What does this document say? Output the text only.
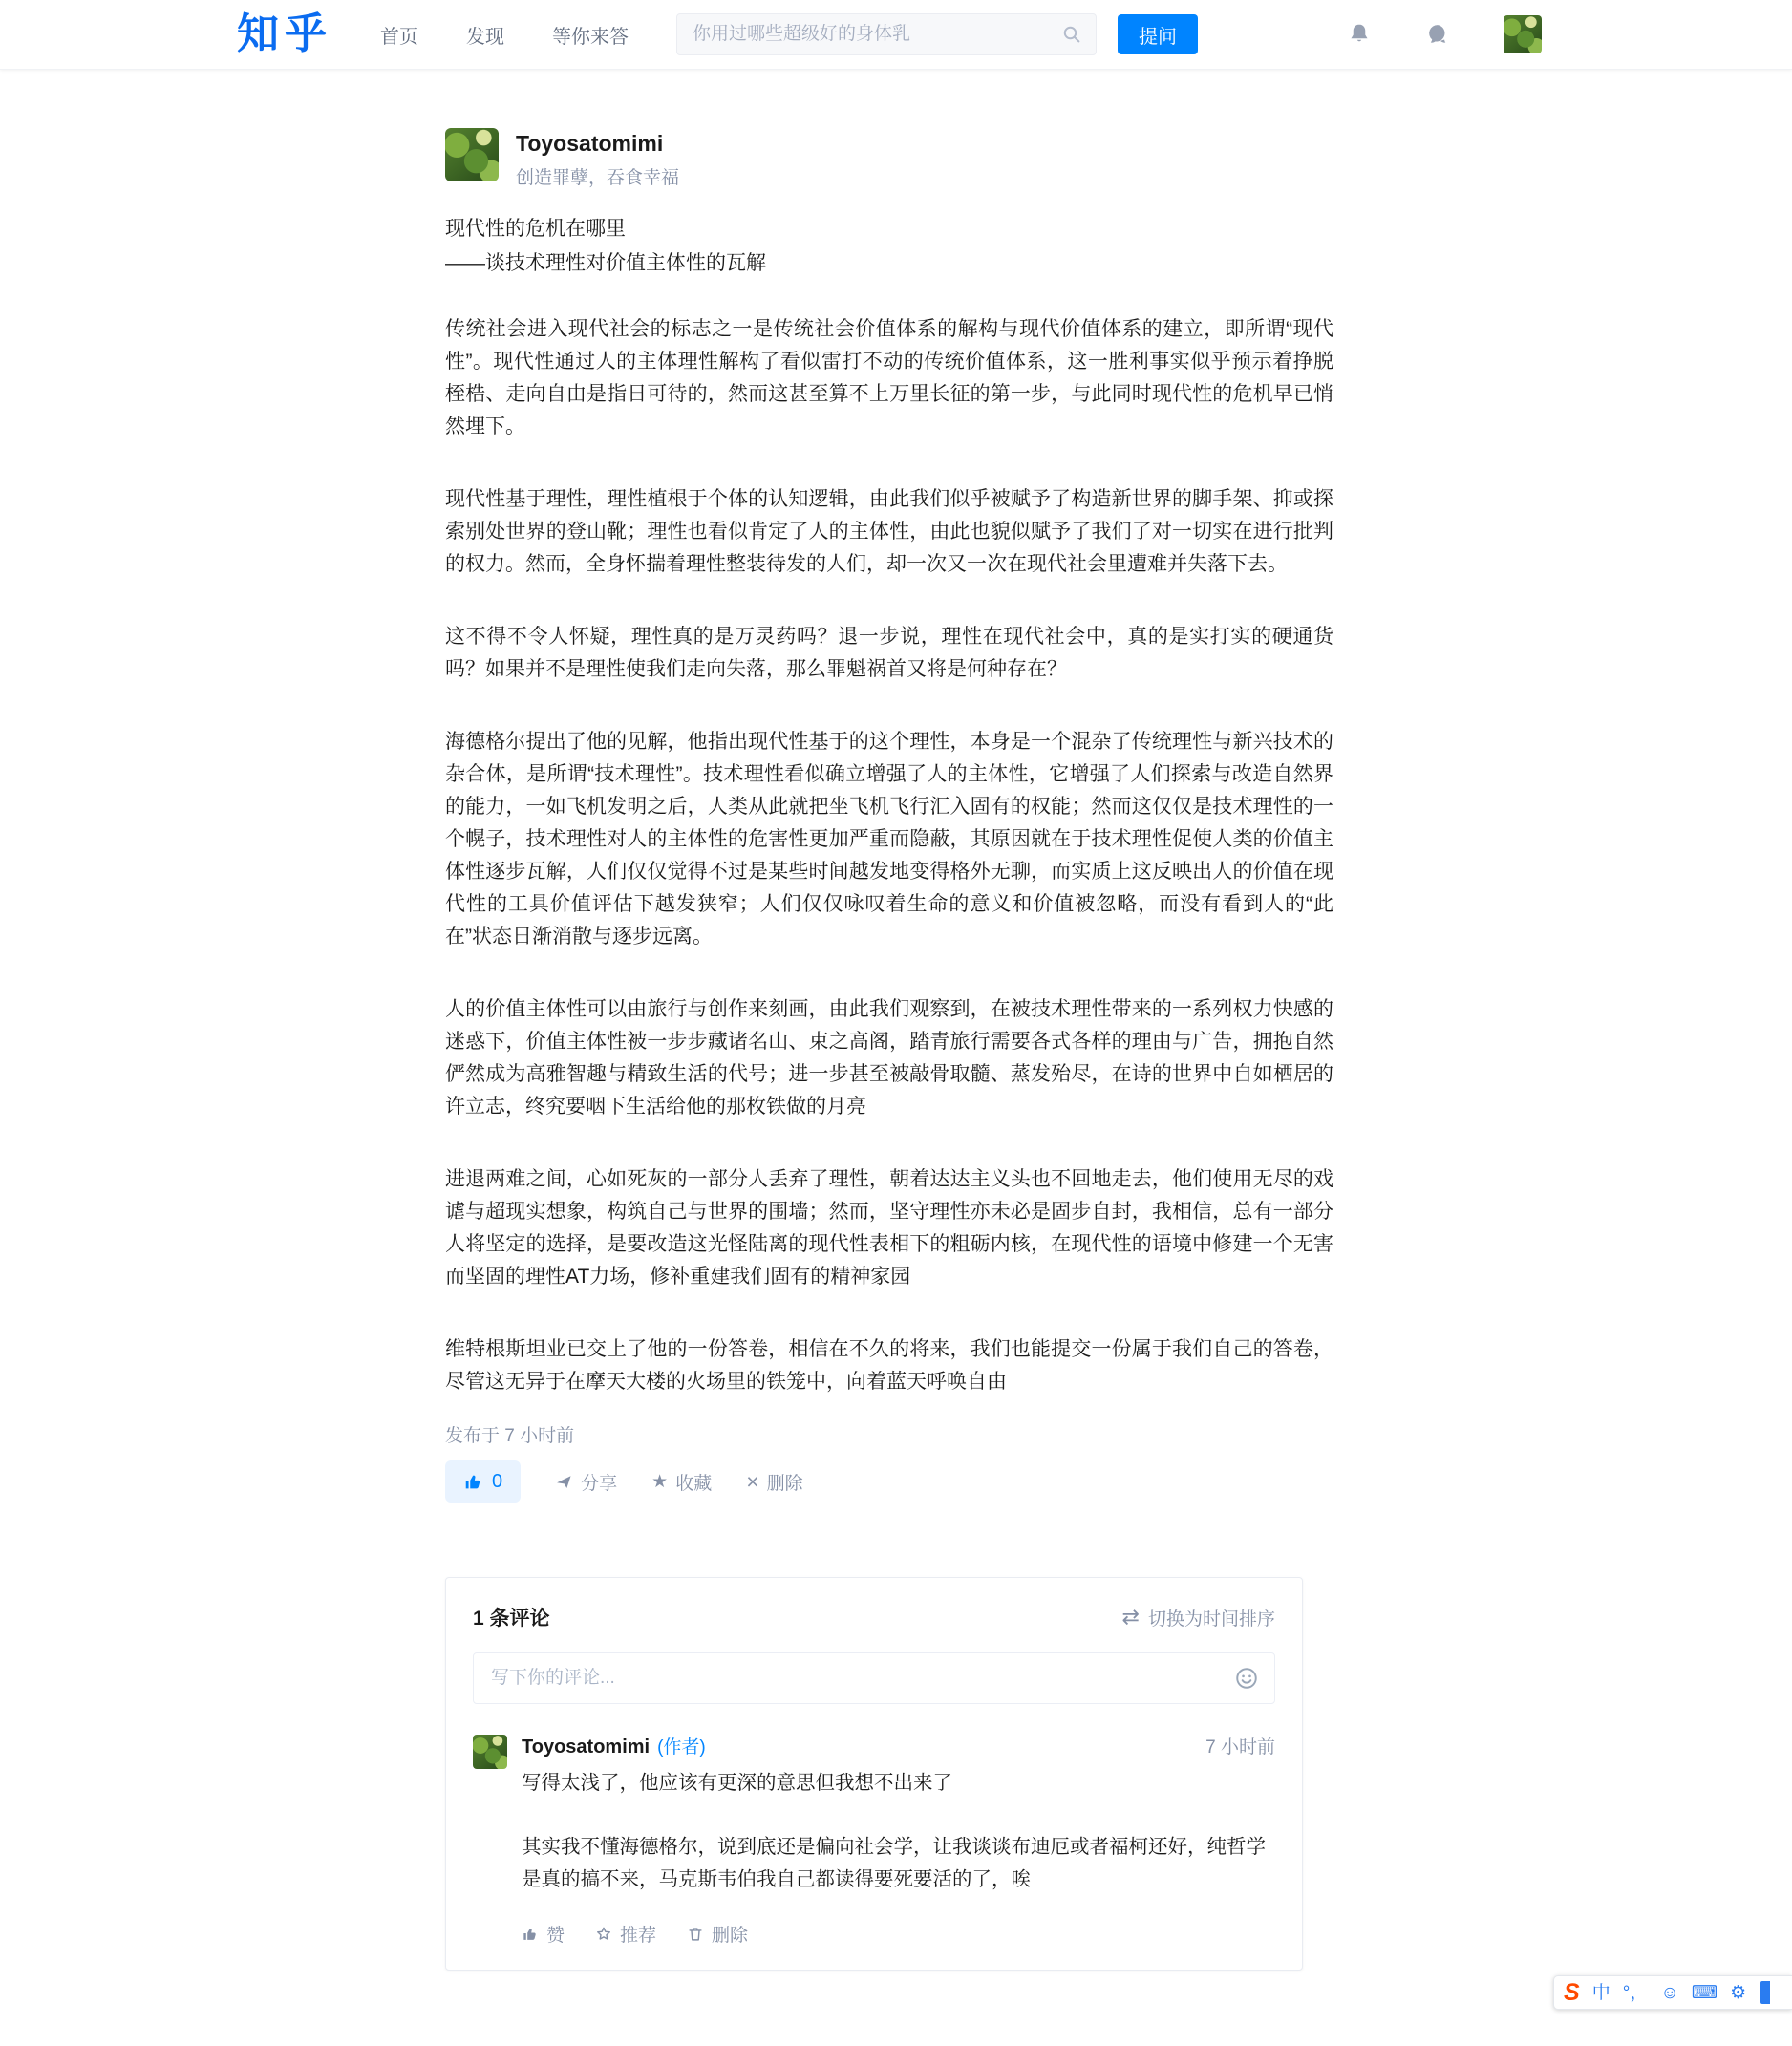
知乎	首页	发现	等你来答
你用过哪些超级好的身体乳	提问
Toyosatomimi
创造罪孽，吞食幸福
现代性的危机在哪里
——谈技术理性对价值主体性的瓦解

传统社会进入现代社会的标志之一是传统社会价值体系的解构与现代价值体系的建立，即所谓“现代性”。现代性通过人的主体理性解构了看似雷打不动的传统价值体系，这一胜利事实似乎预示着挣脱桎梏、走向自由是指日可待的，然而这甚至算不上万里长征的第一步，与此同时现代性的危机早已悄然埋下。

现代性基于理性，理性植根于个体的认知逻辑，由此我们似乎被赋予了构造新世界的脚手架、抑或探索别处世界的登山靴；理性也看似肯定了人的主体性，由此也貌似赋予了我们了对一切实在进行批判的权力。然而，全身怀揣着理性整装待发的人们，却一次又一次在现代社会里遭难并失落下去。

这不得不令人怀疑，理性真的是万灵药吗？退一步说，理性在现代社会中，真的是实打实的硬通货吗？如果并不是理性使我们走向失落，那么罪魁祸首又将是何种存在？

海德格尔提出了他的见解，他指出现代性基于的这个理性，本身是一个混杂了传统理性与新兴技术的杂合体，是所谓“技术理性”。技术理性看似确立增强了人的主体性，它增强了人们探索与改造自然界的能力，一如飞机发明之后，人类从此就把坐飞机飞行汇入固有的权能；然而这仅仅是技术理性的一个幌子，技术理性对人的主体性的危害性更加严重而隐蔽，其原因就在于技术理性促使人类的价值主体性逐步瓦解，人们仅仅觉得不过是某些时间越发地变得格外无聊，而实质上这反映出人的价值在现代性的工具价值评估下越发狭窄；人们仅仅咏叹着生命的意义和价值被忽略，而没有看到人的“此在”状态日渐消散与逐步远离。

人的价值主体性可以由旅行与创作来刻画，由此我们观察到，在被技术理性带来的一系列权力快感的迷惑下，价值主体性被一步步藏诸名山、束之高阁，踏青旅行需要各式各样的理由与广告，拥抱自然俨然成为高雅智趣与精致生活的代号；进一步甚至被敲骨取髓、蒸发殆尽，在诗的世界中自如栖居的许立志，终究要咽下生活给他的那枚铁做的月亮

进退两难之间，心如死灰的一部分人丢弃了理性，朝着达达主义头也不回地走去，他们使用无尽的戏谑与超现实想象，构筑自己与世界的围墙；然而，坚守理性亦未必是固步自封，我相信，总有一部分人将坚定的选择，是要改造这光怪陆离的现代性表相下的粗砺内核，在现代性的语境中修建一个无害而坚固的理性AT力场，修补重建我们固有的精神家园

维特根斯坦业已交上了他的一份答卷，相信在不久的将来，我们也能提交一份属于我们自己的答卷，尽管这无异于在摩天大楼的火场里的铁笼中，向着蓝天呼唤自由

发布于 7 小时前
0	分享 ★ 收藏 × 删除
1 条评论	⇄ 切换为时间排序
写下你的评论...
Toyosatomimi (作者)	7 小时前

写得太浅了，他应该有更深的意思但我想不出来了

其实我不懂海德格尔，说到底还是偏向社会学，让我谈谈布迪厄或者福柯还好，纯哲学是真的搞不来，马克斯韦伯我自己都读得要死要活的了，唉

赞	推荐	删除
S 中 °， ☺ ⌨ ⚙
